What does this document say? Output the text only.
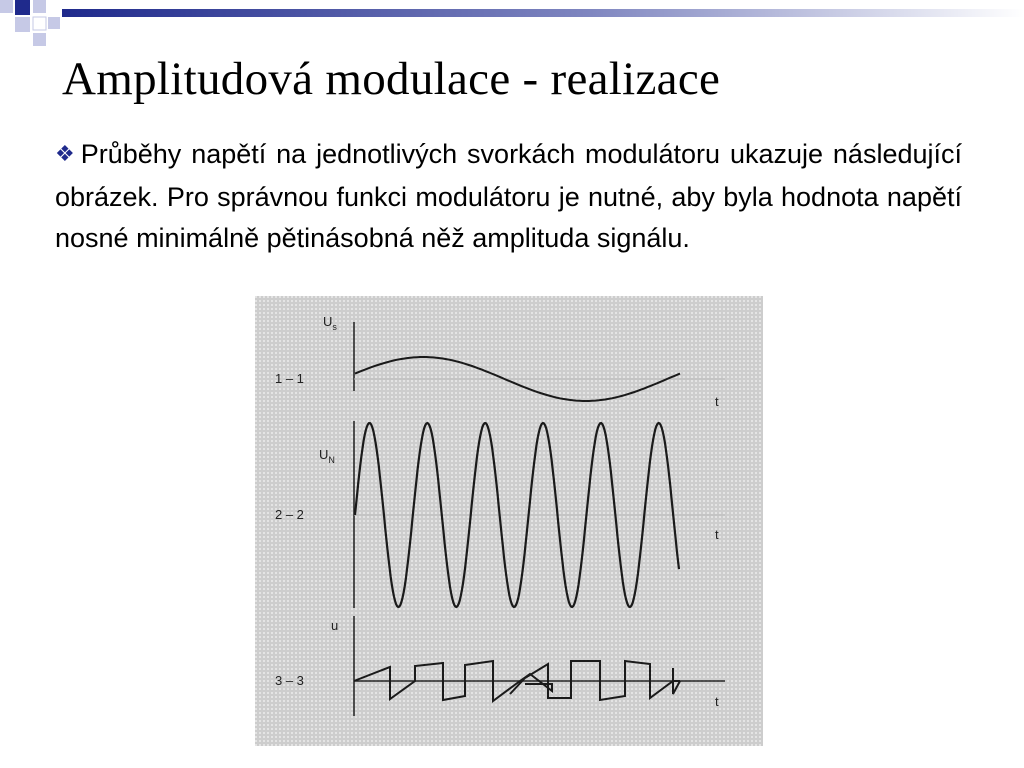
Amplitudová modulace - realizace
❖ Průběhy napětí na jednotlivých svorkách modulátoru ukazuje následující obrázek. Pro správnou funkci modulátoru je nutné, aby byla hodnota napětí nosné minimálně pětinásobná něž amplituda signálu.
1 – 1
2 – 2
3 – 3
$U_s$
$U_N$
u
t
t
t
